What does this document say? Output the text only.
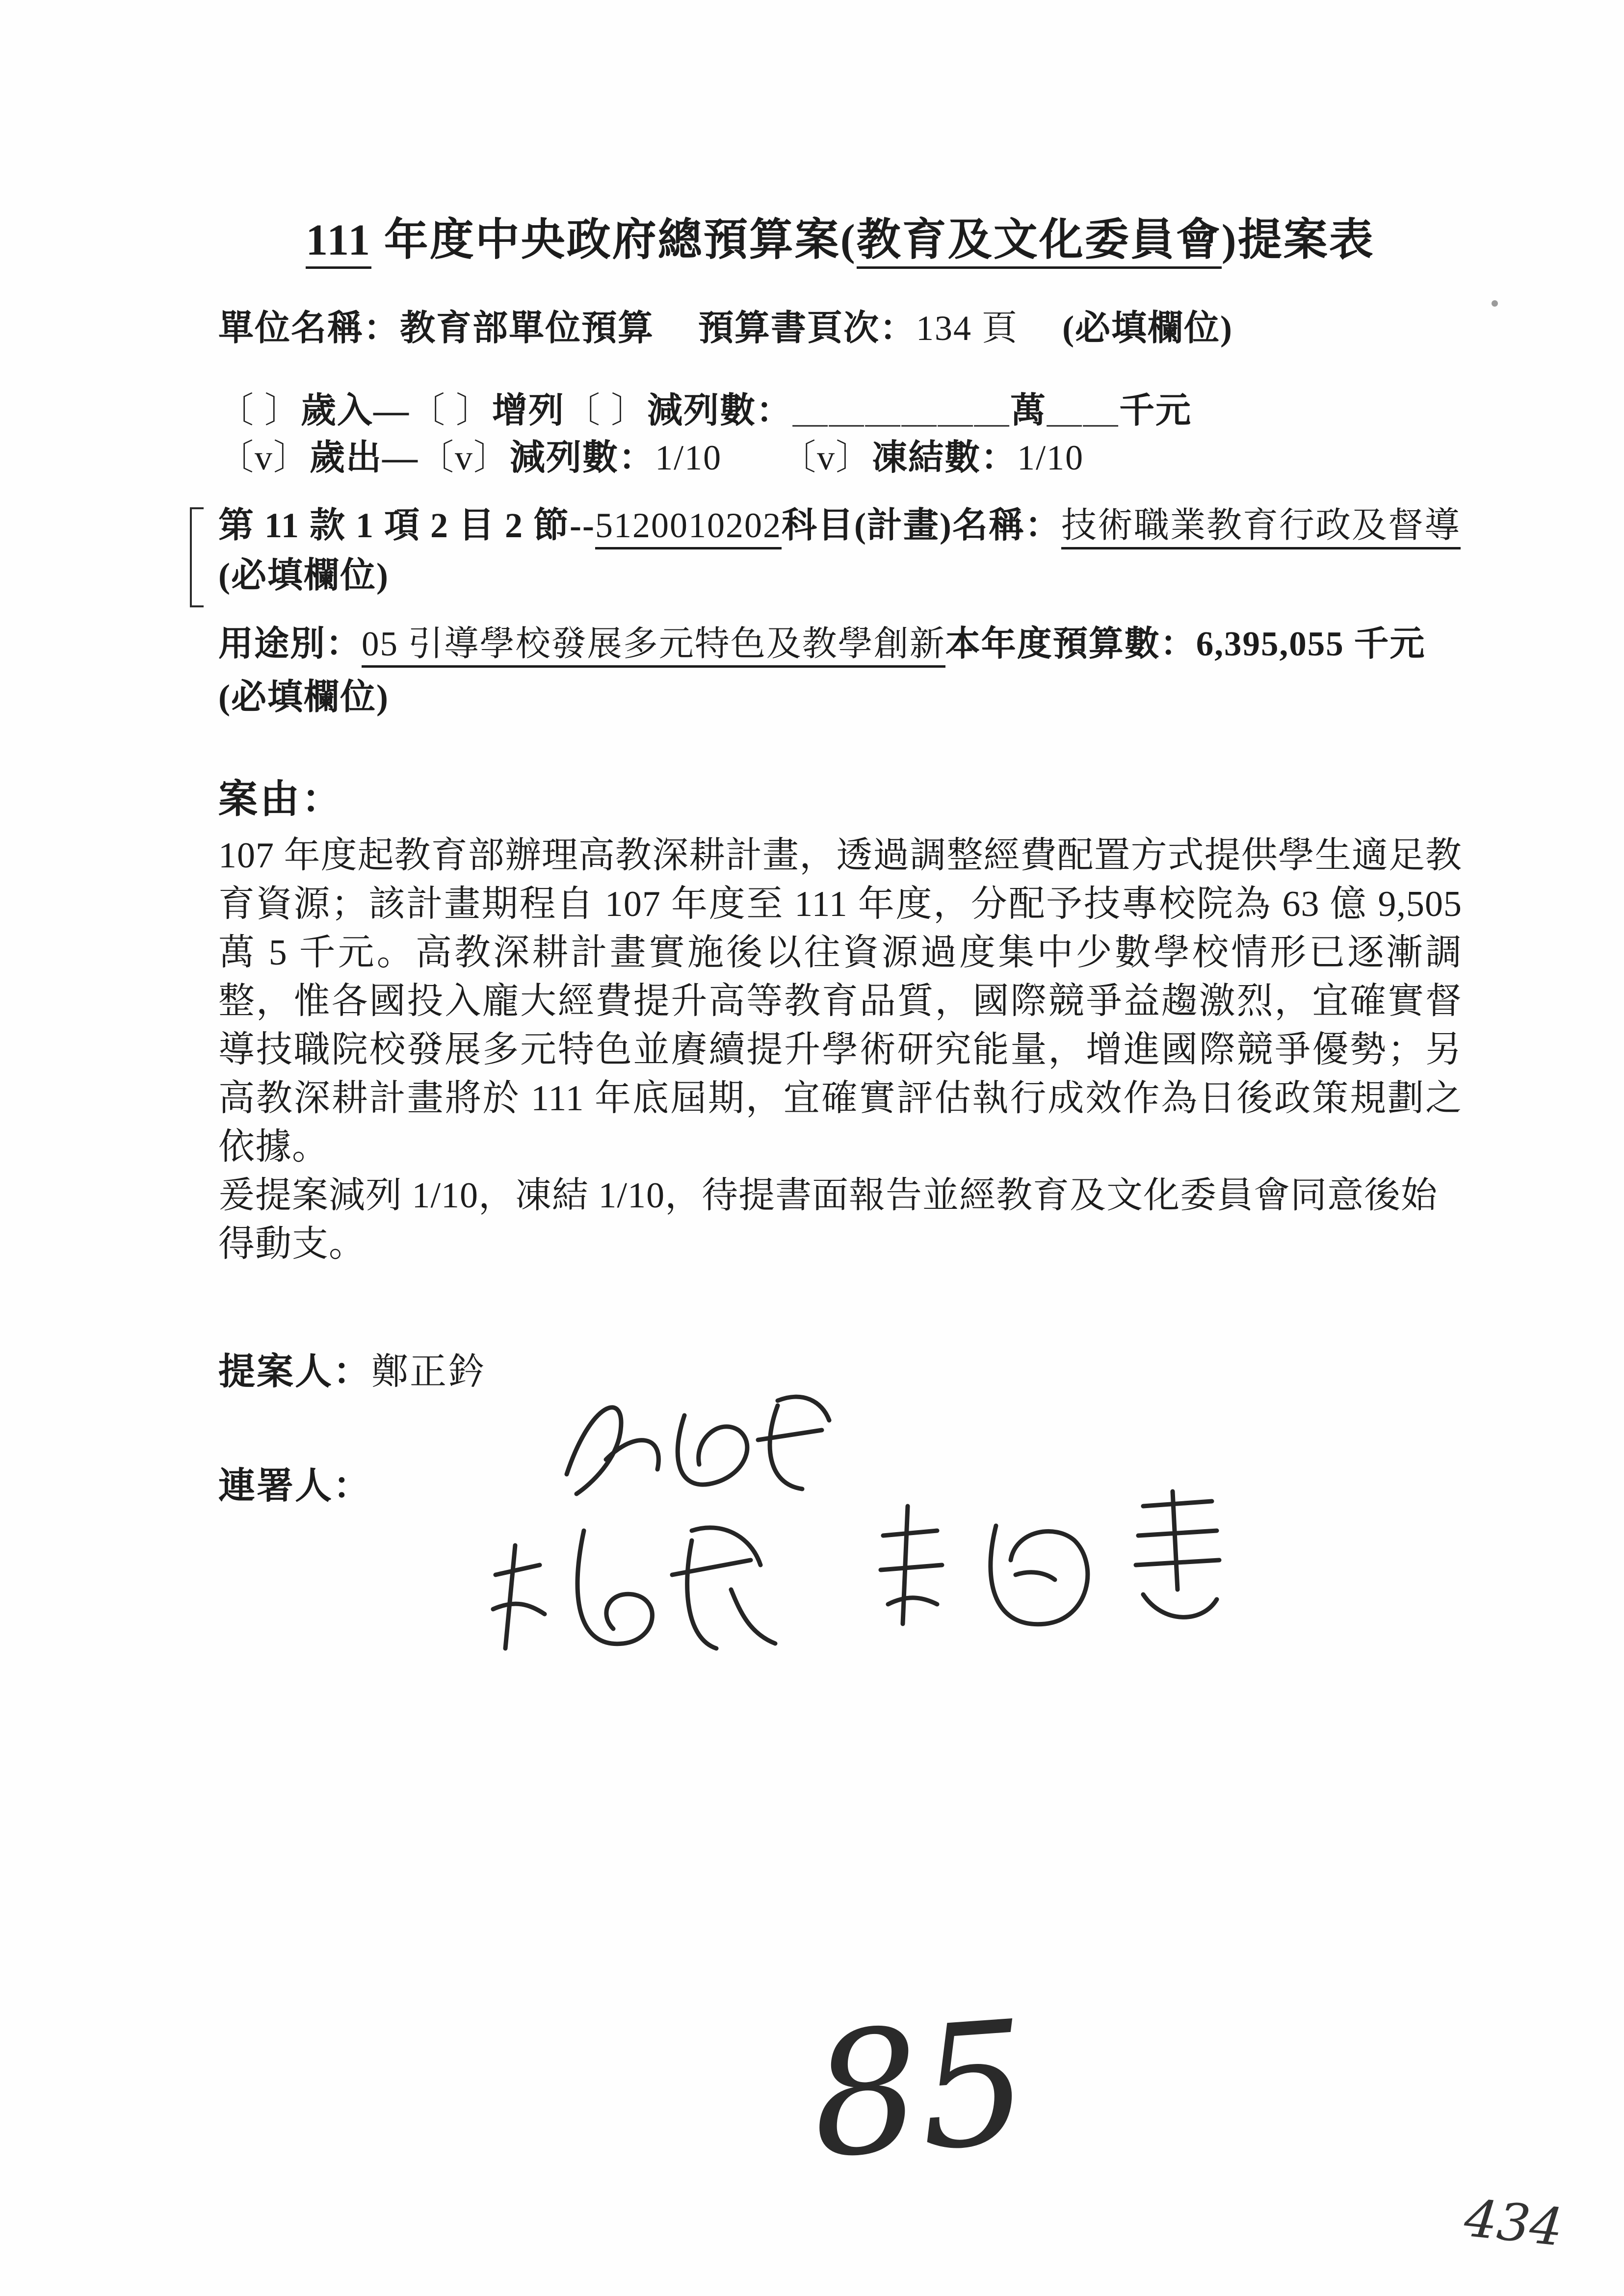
111 年度中央政府總預算案(教育及文化委員會)提案表
單位名稱：教育部單位預算 預算書頁次：134 頁 (必填欄位)
〔 〕歲入—〔 〕增列〔 〕減列數：＿＿＿＿＿＿萬＿＿千元
〔v〕歲出—〔v〕減列數：1/10 〔v〕凍結數：1/10
第 11 款 1 項 2 目 2 節--5120010202科目(計畫)名稱：技術職業教育行政及督導(必填欄位)
用途別：05 引導學校發展多元特色及教學創新本年度預算數：6,395,055 千元
(必填欄位)
案由：
107 年度起教育部辦理高教深耕計畫，透過調整經費配置方式提供學生適足教育資源；該計畫期程自 107 年度至 111 年度，分配予技專校院為 63 億 9,505 萬 5 千元。高教深耕計畫實施後以往資源過度集中少數學校情形已逐漸調整，惟各國投入龐大經費提升高等教育品質，國際競爭益趨激烈，宜確實督導技職院校發展多元特色並賡續提升學術研究能量，增進國際競爭優勢；另高教深耕計畫將於 111 年底屆期，宜確實評估執行成效作為日後政策規劃之依據。
爰提案減列 1/10，凍結 1/10，待提書面報告並經教育及文化委員會同意後始得動支。
提案人：鄭正鈐
連署人：
85
434
